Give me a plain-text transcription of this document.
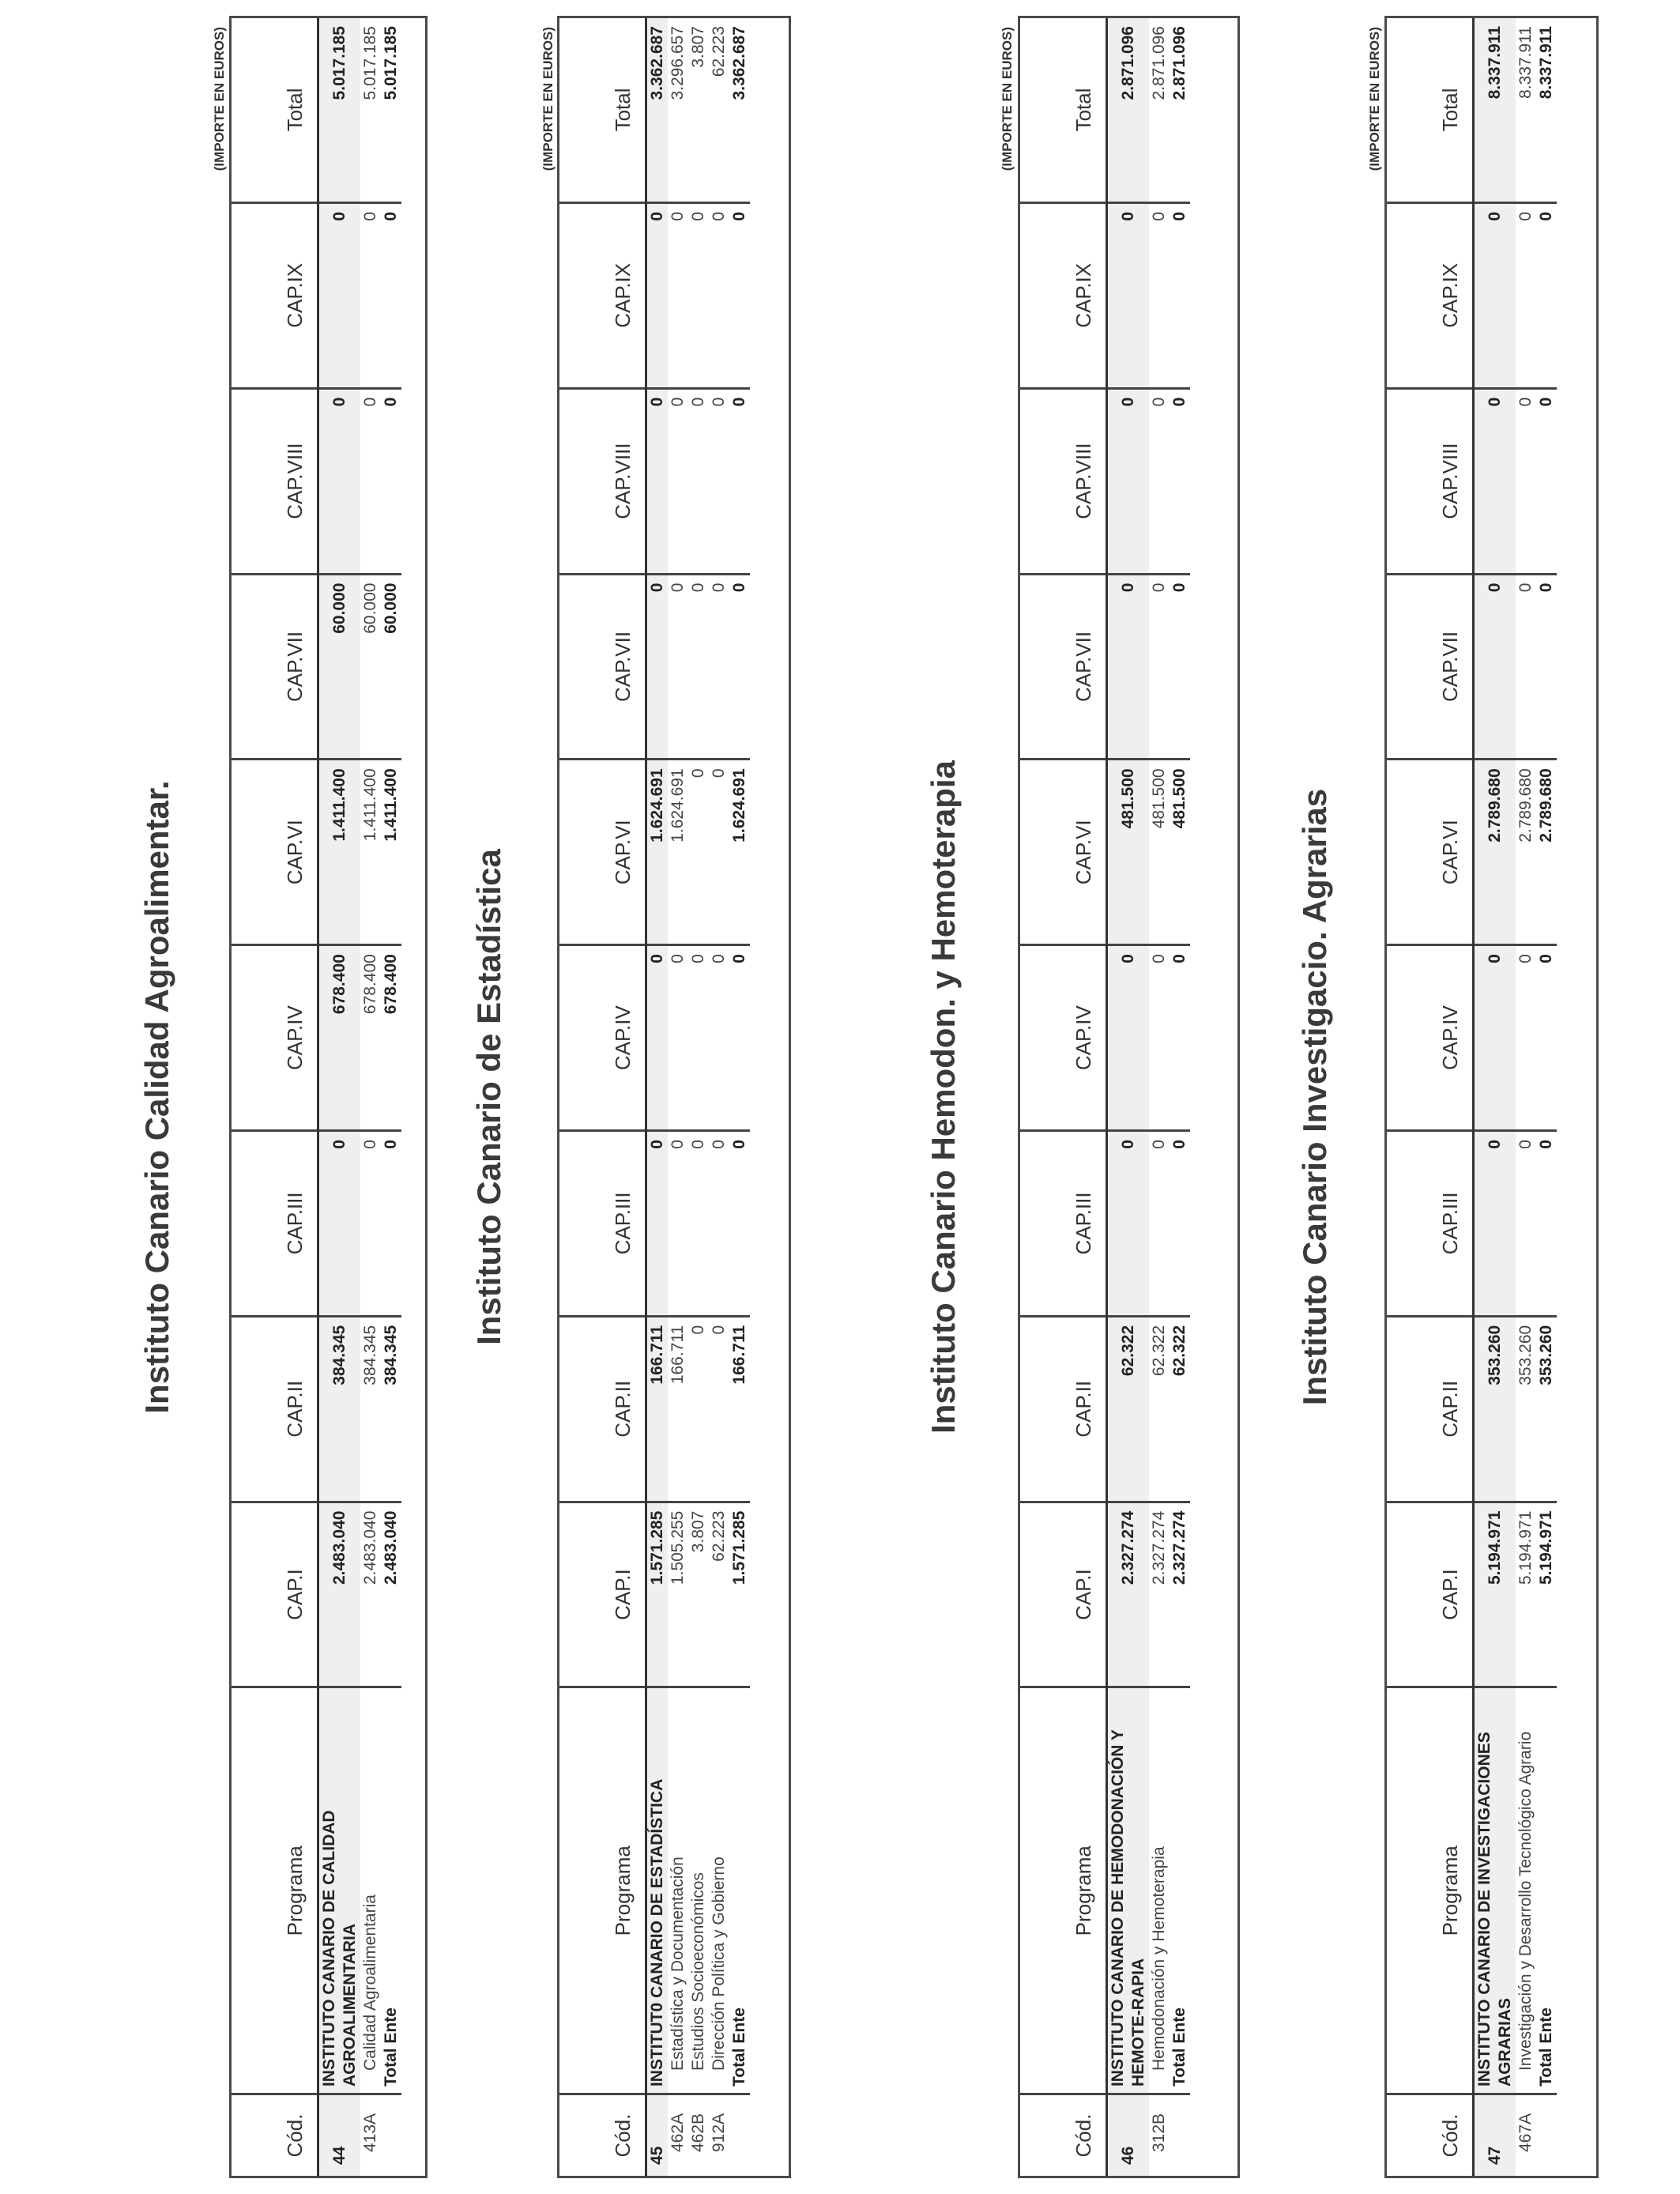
Instituto Canario Calidad Agroalimentar.
(IMPORTE EN EUROS)
Cód.	Programa	CAP.I	CAP.II	CAP.III	CAP.IV	CAP.VI	CAP.VII	CAP.VIII	CAP.IX	Total
44	INSTITUTO CANARIO DE CALIDAD AGROALIMENTARIA	2.483.040	384.345	0	678.400	1.411.400	60.000	0	0	5.017.185
413A	Calidad Agroalimentaria	2.483.040	384.345	0	678.400	1.411.400	60.000	0	0	5.017.185
	Total Ente	2.483.040	384.345	0	678.400	1.411.400	60.000	0	0	5.017.185
Instituto Canario de Estadística
(IMPORTE EN EUROS)
Cód.	Programa	CAP.I	CAP.II	CAP.III	CAP.IV	CAP.VI	CAP.VII	CAP.VIII	CAP.IX	Total
45	INSTITUT0 CANARIO DE ESTADÍSTICA	1.571.285	166.711	0	0	1.624.691	0	0	0	3.362.687
462A	Estadística y Documentación	1.505.255	166.711	0	0	1.624.691	0	0	0	3.296.657
462B	Estudios Socioeconómicos	3.807	0	0	0	0	0	0	0	3.807
912A	Dirección Política y Gobierno	62.223	0	0	0	0	0	0	0	62.223
	Total Ente	1.571.285	166.711	0	0	1.624.691	0	0	0	3.362.687
Instituto Canario Hemodon. y Hemoterapia
(IMPORTE EN EUROS)
Cód.	Programa	CAP.I	CAP.II	CAP.III	CAP.IV	CAP.VI	CAP.VII	CAP.VIII	CAP.IX	Total
46	INSTITUTO CANARIO DE HEMODONACIÓN Y HEMOTE-RAPIA	2.327.274	62.322	0	0	481.500	0	0	0	2.871.096
312B	Hemodonación y Hemoterapia	2.327.274	62.322	0	0	481.500	0	0	0	2.871.096
	Total Ente	2.327.274	62.322	0	0	481.500	0	0	0	2.871.096
Instituto Canario Investigacio. Agrarias
(IMPORTE EN EUROS)
Cód.	Programa	CAP.I	CAP.II	CAP.III	CAP.IV	CAP.VI	CAP.VII	CAP.VIII	CAP.IX	Total
47	INSTITUTO CANARIO DE INVESTIGACIONES AGRARIAS	5.194.971	353.260	0	0	2.789.680	0	0	0	8.337.911
467A	Investigación y Desarrollo Tecnológico Agrario	5.194.971	353.260	0	0	2.789.680	0	0	0	8.337.911
	Total Ente	5.194.971	353.260	0	0	2.789.680	0	0	0	8.337.911
